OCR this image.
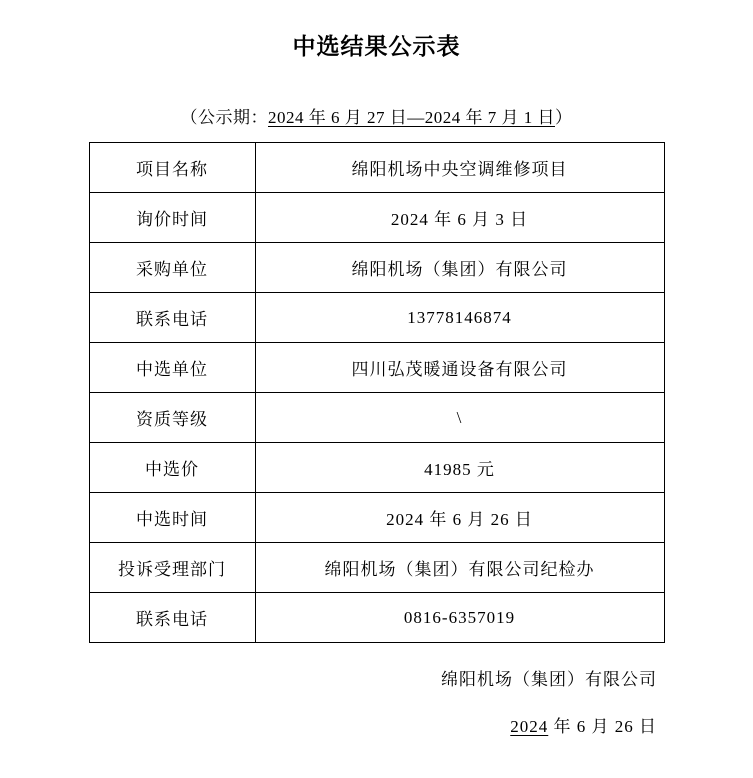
中选结果公示表
（公示期：2024 年 6 月 27 日—2024 年 7 月 1 日）
项目名称	绵阳机场中央空调维修项目
询价时间	2024 年 6 月 3 日
采购单位	绵阳机场（集团）有限公司
联系电话	13778146874
中选单位	四川弘茂暖通设备有限公司
资质等级	\
中选价	41985 元
中选时间	2024 年 6 月 26 日
投诉受理部门	绵阳机场（集团）有限公司纪检办
联系电话	0816-6357019
绵阳机场（集团）有限公司
2024 年 6 月 26 日
